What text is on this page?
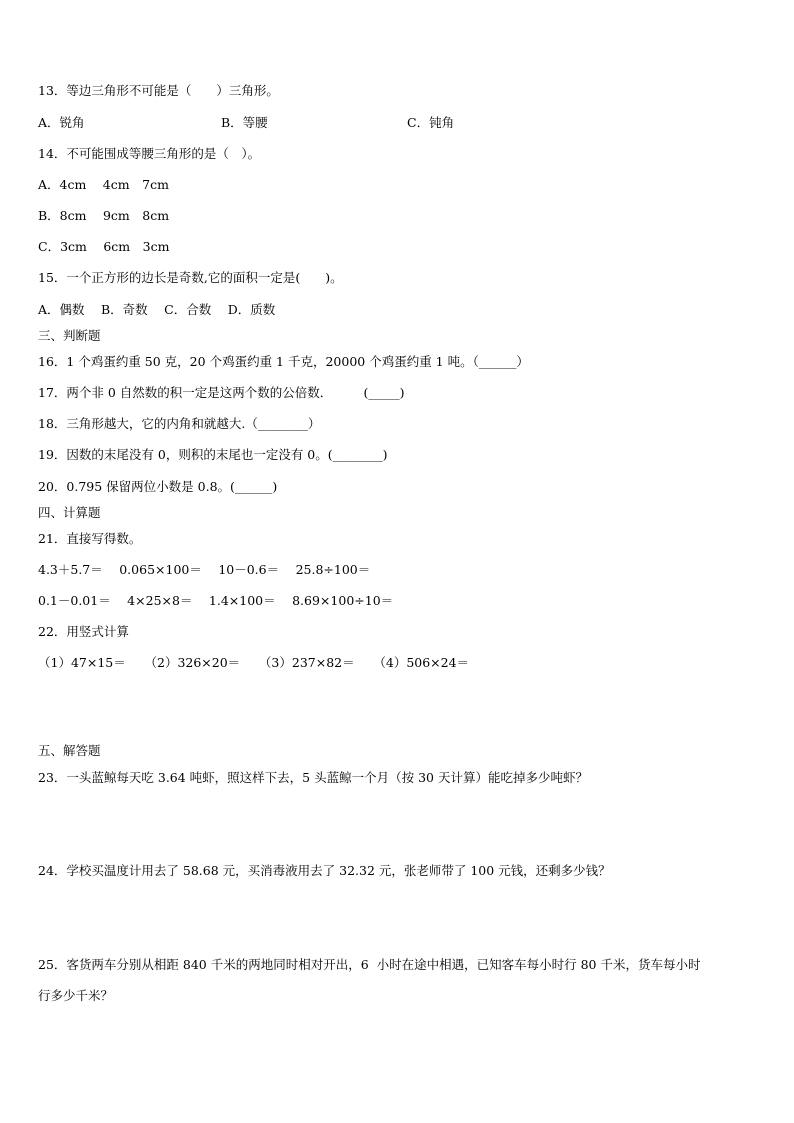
13．等边三角形不可能是（　　）三角形。
A．锐角	B．等腰	C．钝角
14．不可能围成等腰三角形的是（　）。
A．4cm　 4cm　7cm
B．8cm　 9cm　8cm
C．3cm　 6cm　3cm
15．一个正方形的边长是奇数,它的面积一定是(　　)。
A．偶数　 B．奇数　 C．合数　 D．质数
三、判断题
16．1 个鸡蛋约重 50 克，20 个鸡蛋约重 1 千克，20000 个鸡蛋约重 1 吨。（______）
17．两个非 0 自然数的积一定是这两个数的公倍数．　　　(_____)
18．三角形越大，它的内角和就越大.（________）
19．因数的末尾没有 0，则积的末尾也一定没有 0。(________)
20．0.795 保留两位小数是 0.8。(______)
四、计算题
21．直接写得数。
4.3＋5.7＝　 0.065×100＝　 10－0.6＝　 25.8÷100＝
0.1－0.01＝　 4×25×8＝　 1.4×100＝　 8.69×100÷10＝
22．用竖式计算
（1）47×15＝　　（2）326×20＝　　（3）237×82＝　　（4）506×24＝
五、解答题
23．一头蓝鲸每天吃 3.64 吨虾，照这样下去，5 头蓝鲸一个月（按 30 天计算）能吃掉多少吨虾？
24．学校买温度计用去了 58.68 元，买消毒液用去了 32.32 元，张老师带了 100 元钱，还剩多少钱？
25．客货两车分别从相距 840 千米的两地同时相对开出，6  小时在途中相遇，已知客车每小时行 80 千米，货车每小时
行多少千米？
